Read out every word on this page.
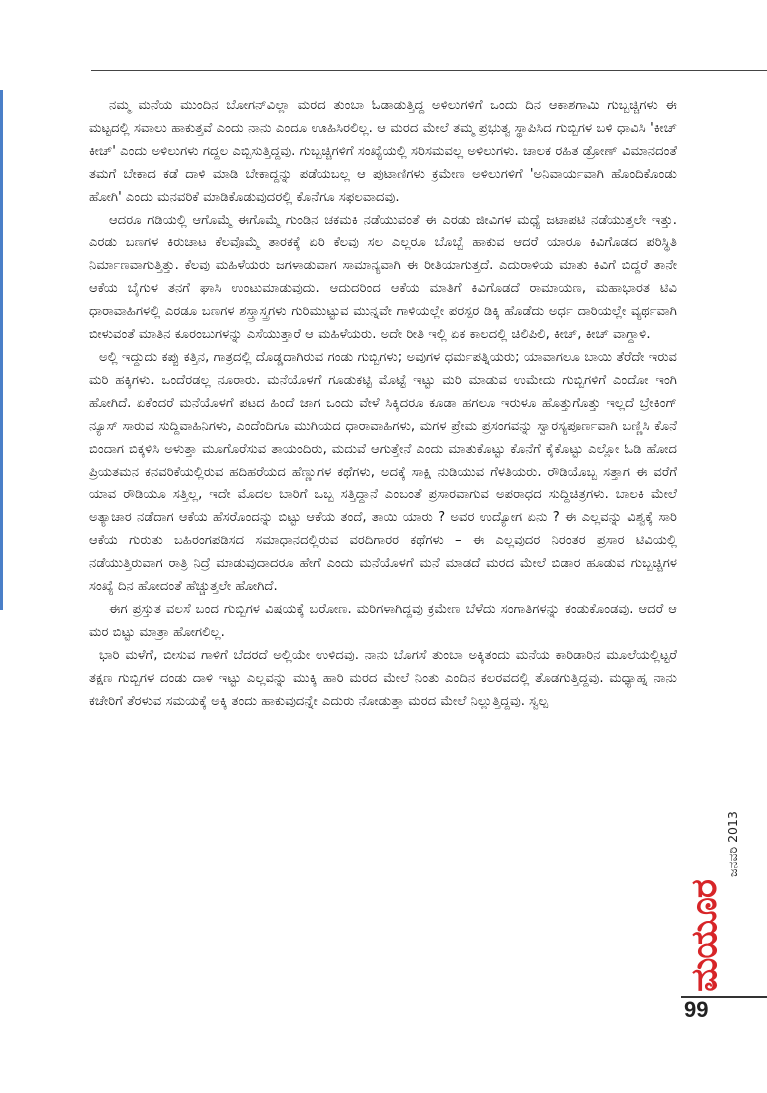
ನಮ್ಮ ಮನೆಯ ಮುಂದಿನ ಬೋಗನ್‌ವಿಲ್ಲಾ ಮರದ ತುಂಬಾ ಓಡಾಡುತ್ತಿದ್ದ ಅಳಿಲುಗಳಿಗೆ ಒಂದು ದಿನ ಆಕಾಶಗಾಮಿ ಗುಬ್ಬಚ್ಚಿಗಳು ಈ ಮಟ್ಟದಲ್ಲಿ ಸವಾಲು ಹಾಕುತ್ತವೆ ಎಂದು ನಾನು ಎಂದೂ ಊಹಿಸಿರಲಿಲ್ಲ. ಆ ಮರದ ಮೇಲೆ ತಮ್ಮ ಪ್ರಭುತ್ವ ಸ್ಥಾಪಿಸಿದ ಗುಬ್ಬಿಗಳ ಬಳಿ ಧಾವಿಸಿ 'ಕೀಚ್ ಕೀಚ್' ಎಂದು ಅಳಿಲುಗಳು ಗದ್ದಲ ಎಬ್ಬಿಸುತ್ತಿದ್ದವು. ಗುಬ್ಬಚ್ಚಿಗಳಿಗೆ ಸಂಖ್ಯೆಯಲ್ಲಿ ಸರಿಸಮವಲ್ಲ ಅಳಿಲುಗಳು. ಚಾಲಕ ರಹಿತ ಡ್ರೋಣ್ ವಿಮಾನದಂತೆ ತಮಗೆ ಬೇಕಾದ ಕಡೆ ದಾಳಿ ಮಾಡಿ ಬೇಕಾದ್ದನ್ನು ಪಡೆಯಬಲ್ಲ ಆ ಪುಟಾಣಿಗಳು ಕ್ರಮೇಣ ಅಳಿಲುಗಳಿಗೆ 'ಅನಿವಾರ್ಯವಾಗಿ ಹೊಂದಿಕೊಂಡು ಹೋಗಿ' ಎಂದು ಮನವರಿಕೆ ಮಾಡಿಕೊಡುವುದರಲ್ಲಿ ಕೊನೆಗೂ ಸಫಲವಾದವು.

ಆದರೂ ಗಡಿಯಲ್ಲಿ ಆಗೊಮ್ಮೆ ಈಗೊಮ್ಮೆ ಗುಂಡಿನ ಚಕಮಕಿ ನಡೆಯುವಂತೆ ಈ ಎರಡು ಜೀವಿಗಳ ಮಧ್ಯೆ ಜಟಾಪಟಿ ನಡೆಯುತ್ತಲೇ ಇತ್ತು. ಎರಡು ಬಣಗಳ ಕಿರುಚಾಟ ಕೆಲವೊಮ್ಮೆ ತಾರಕಕ್ಕೆ ಏರಿ ಕೆಲವು ಸಲ ಎಲ್ಲರೂ ಬೊಬ್ಬೆ ಹಾಕುವ ಆದರೆ ಯಾರೂ ಕಿವಿಗೊಡದ ಪರಿಸ್ಥಿತಿ ನಿರ್ಮಾಣವಾಗುತ್ತಿತ್ತು. ಕೆಲವು ಮಹಿಳೆಯರು ಜಗಳಾಡುವಾಗ ಸಾಮಾನ್ಯವಾಗಿ ಈ ರೀತಿಯಾಗುತ್ತದೆ. ಎದುರಾಳಿಯ ಮಾತು ಕಿವಿಗೆ ಬಿದ್ದರೆ ತಾನೇ ಆಕೆಯ ಬೈಗುಳ ತನಗೆ ಘಾಸಿ ಉಂಟುಮಾಡುವುದು. ಆದುದರಿಂದ ಆಕೆಯ ಮಾತಿಗೆ ಕಿವಿಗೊಡದೆ ರಾಮಾಯಣ, ಮಹಾಭಾರತ ಟಿವಿ ಧಾರಾವಾಹಿಗಳಲ್ಲಿ ಎರಡೂ ಬಣಗಳ ಶಸ್ತ್ರಾಸ್ತ್ರಗಳು ಗುರಿಮುಟ್ಟುವ ಮುನ್ನವೇ ಗಾಳಿಯಲ್ಲೇ ಪರಸ್ಪರ ಡಿಕ್ಕಿ ಹೊಡೆದು ಅರ್ಧ ದಾರಿಯಲ್ಲೇ ವ್ಯರ್ಥವಾಗಿ ಬೀಳುವಂತೆ ಮಾತಿನ ಕೂರಂಬುಗಳನ್ನು ಎಸೆಯುತ್ತಾರೆ ಆ ಮಹಿಳೆಯರು. ಅದೇ ರೀತಿ ಇಲ್ಲಿ ಏಕ ಕಾಲದಲ್ಲಿ ಚಿಲಿಪಿಲಿ, ಕೀಚ್, ಕೀಚ್ ವಾಗ್ದಾಳಿ.

ಅಲ್ಲಿ ಇದ್ದುದು ಕಪ್ಪು ಕತ್ತಿನ, ಗಾತ್ರದಲ್ಲಿ ದೊಡ್ಡದಾಗಿರುವ ಗಂಡು ಗುಬ್ಬಿಗಳು; ಅವುಗಳ ಧರ್ಮಪತ್ನಿಯರು; ಯಾವಾಗಲೂ ಬಾಯಿ ತೆರೆದೇ ಇರುವ ಮರಿ ಹಕ್ಕಿಗಳು. ಒಂದೆರಡಲ್ಲ ನೂರಾರು. ಮನೆಯೊಳಗೆ ಗೂಡುಕಟ್ಟಿ ಮೊಟ್ಟೆ ಇಟ್ಟು ಮರಿ ಮಾಡುವ ಉಮೇದು ಗುಬ್ಬಿಗಳಿಗೆ ಎಂದೋ ಇಂಗಿ ಹೋಗಿದೆ. ಏಕೆಂದರೆ ಮನೆಯೊಳಗೆ ಪಟದ ಹಿಂದೆ ಜಾಗ ಒಂದು ವೇಳೆ ಸಿಕ್ಕಿದರೂ ಕೂಡಾ ಹಗಲೂ ಇರುಳೂ ಹೊತ್ತುಗೊತ್ತು ಇಲ್ಲದೆ ಬ್ರೇಕಿಂಗ್ ನ್ಯೂಸ್ ಸಾರುವ ಸುದ್ದಿವಾಹಿನಿಗಳು, ಎಂದೆಂದಿಗೂ ಮುಗಿಯದ ಧಾರಾವಾಹಿಗಳು, ಮಗಳ ಪ್ರೇಮ ಪ್ರಸಂಗವನ್ನು ಸ್ವಾರಸ್ಯಪೂರ್ಣವಾಗಿ ಬಣ್ಣಿಸಿ ಕೊನೆ ಬಿಂದಾಗ ಬಿಕ್ಕಳಿಸಿ ಅಳುತ್ತಾ ಮೂಗೊರೆಸುವ ತಾಯಂದಿರು, ಮದುವೆ ಆಗುತ್ತೇನೆ ಎಂದು ಮಾತುಕೊಟ್ಟು ಕೊನೆಗೆ ಕೈಕೊಟ್ಟು ಎಲ್ಲೋ ಓಡಿ ಹೋದ ಪ್ರಿಯತಮನ ಕನವರಿಕೆಯಲ್ಲಿರುವ ಹದಿಹರೆಯದ ಹೆಣ್ಣುಗಳ ಕಥೆಗಳು, ಅದಕ್ಕೆ ಸಾಕ್ಷಿ ನುಡಿಯುವ ಗೆಳತಿಯರು. ರೌಡಿಯೊಬ್ಬ ಸತ್ತಾಗ ಈ ವರೆಗೆ ಯಾವ ರೌಡಿಯೂ ಸತ್ತಿಲ್ಲ, ಇದೇ ಮೊದಲ ಬಾರಿಗೆ ಒಬ್ಬ ಸತ್ತಿದ್ದಾನೆ ಎಂಬಂತೆ ಪ್ರಸಾರವಾಗುವ ಅಪರಾಧದ ಸುದ್ದಿಚಿತ್ರಗಳು. ಬಾಲಕಿ ಮೇಲೆ ಅತ್ಯಾಚಾರ ನಡೆದಾಗ ಆಕೆಯ ಹೆಸರೊಂದನ್ನು ಬಿಟ್ಟು ಆಕೆಯ ತಂದೆ, ತಾಯಿ ಯಾರು ? ಅವರ ಉದ್ಯೋಗ ಏನು ? ಈ ಎಲ್ಲವನ್ನು ವಿಶ್ವಕ್ಕೆ ಸಾರಿ ಆಕೆಯ ಗುರುತು ಬಹಿರಂಗಪಡಿಸದ ಸಮಾಧಾನದಲ್ಲಿರುವ ವರದಿಗಾರರ ಕಥೆಗಳು – ಈ ಎಲ್ಲವುದರ ನಿರಂತರ ಪ್ರಸಾರ ಟಿವಿಯಲ್ಲಿ ನಡೆಯುತ್ತಿರುವಾಗ ರಾತ್ರಿ ನಿದ್ರೆ ಮಾಡುವುದಾದರೂ ಹೇಗೆ ಎಂದು ಮನೆಯೊಳಗೆ ಮನೆ ಮಾಡದೆ ಮರದ ಮೇಲೆ ಬಿಡಾರ ಹೂಡುವ ಗುಬ್ಬಚ್ಚಿಗಳ ಸಂಖ್ಯೆ ದಿನ ಹೋದಂತೆ ಹೆಚ್ಚುತ್ತಲೇ ಹೋಗಿದೆ.

ಈಗ ಪ್ರಸ್ತುತ ವಲಸೆ ಬಂದ ಗುಬ್ಬಿಗಳ ವಿಷಯಕ್ಕೆ ಬರೋಣ. ಮರಿಗಳಾಗಿದ್ದವು ಕ್ರಮೇಣ ಬೆಳೆದು ಸಂಗಾತಿಗಳನ್ನು ಕಂಡುಕೊಂಡವು. ಆದರೆ ಆ ಮರ ಬಿಟ್ಟು ಮಾತ್ರಾ ಹೋಗಲಿಲ್ಲ.

ಭಾರಿ ಮಳೆಗೆ, ಬೀಸುವ ಗಾಳಿಗೆ ಬೆದರದೆ ಅಲ್ಲಿಯೇ ಉಳಿದವು. ನಾನು ಬೊಗಸೆ ತುಂಬಾ ಅಕ್ಕಿತಂದು ಮನೆಯ ಕಾರಿಡಾರಿನ ಮೂಲೆಯಲ್ಲಿಟ್ಟರೆ ತಕ್ಷಣ ಗುಬ್ಬಿಗಳ ದಂಡು ದಾಳಿ ಇಟ್ಟು ಎಲ್ಲವನ್ನು ಮುಕ್ಕಿ ಹಾರಿ ಮರದ ಮೇಲೆ ನಿಂತು ಎಂದಿನ ಕಲರವದಲ್ಲಿ ತೊಡಗುತ್ತಿದ್ದವು. ಮಧ್ಯಾಹ್ನ ನಾನು ಕಚೇರಿಗೆ ತೆರಳುವ ಸಮಯಕ್ಕೆ ಅಕ್ಕಿ ತಂದು ಹಾಕುವುದನ್ನೇ ಎದುರು ನೋಡುತ್ತಾ ಮರದ ಮೇಲೆ ನಿಲ್ಲುತ್ತಿದ್ದವು. ಸ್ವಲ್ಪ

ಮಯೂರ
ಜನವರಿ 2013
99
